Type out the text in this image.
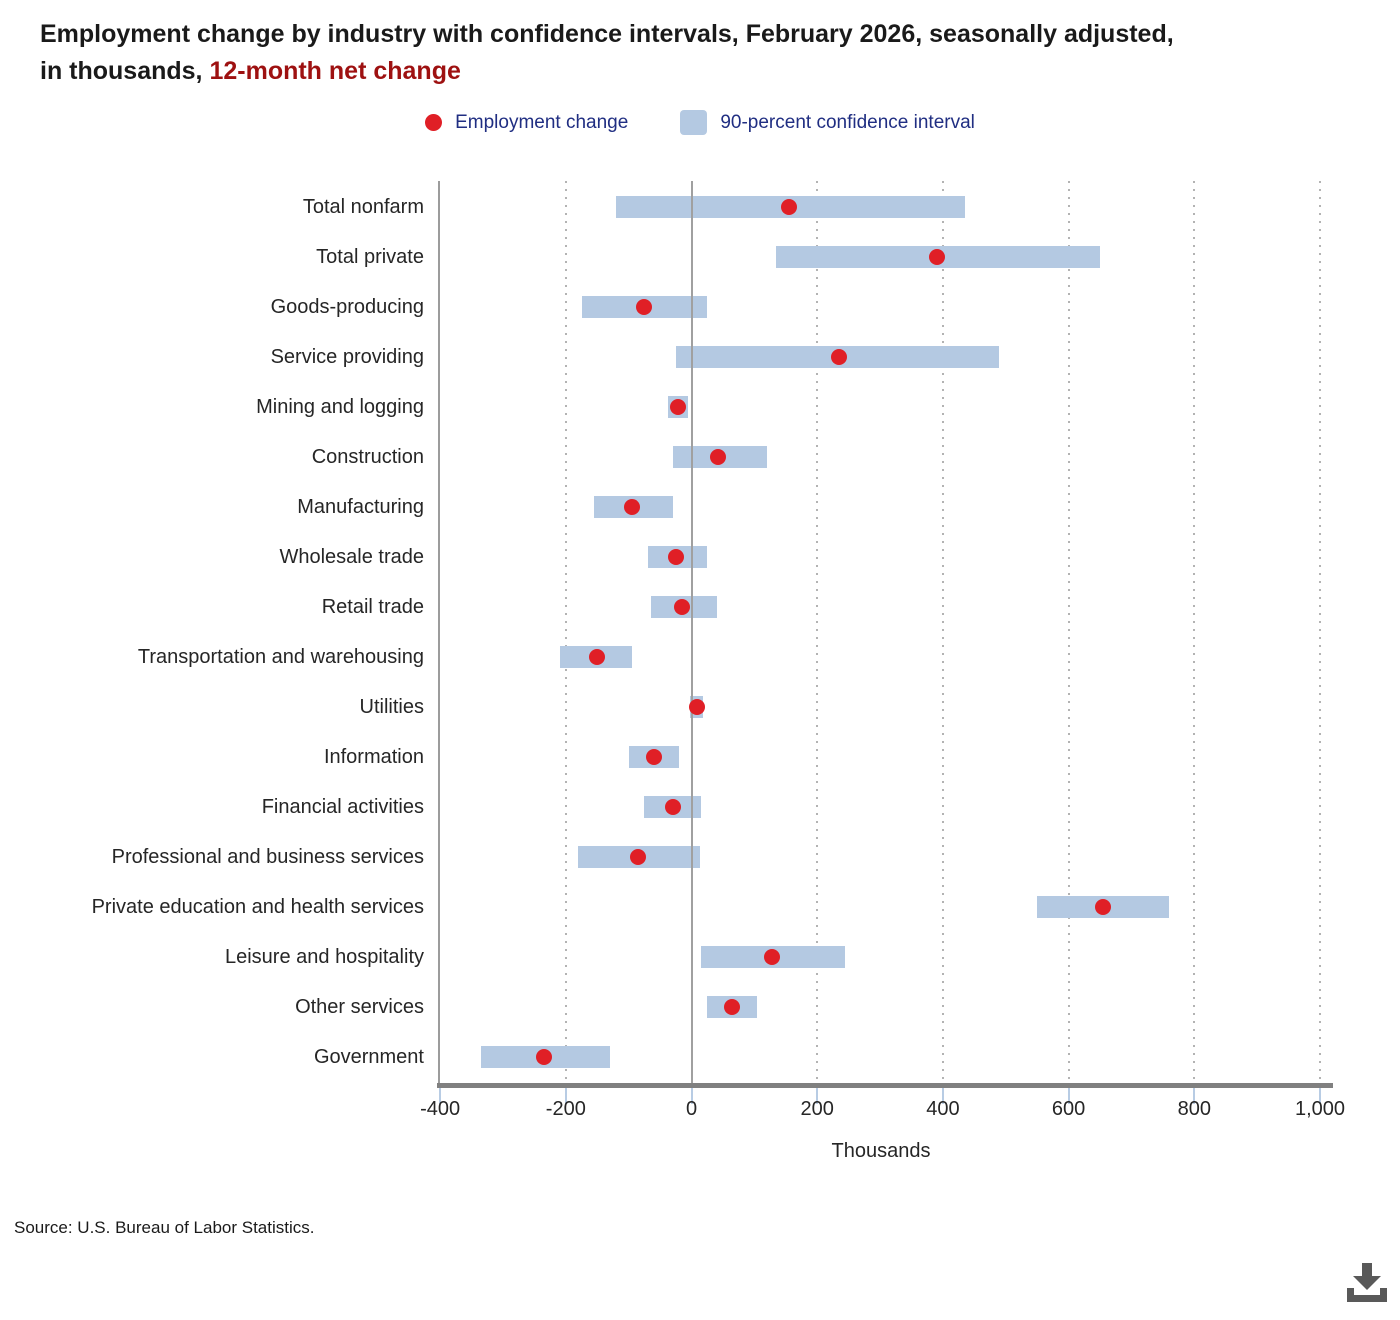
Employment change by industry with confidence intervals, February 2026, seasonally adjusted,
in thousands, 12-month net change
Employment change	90-percent confidence interval
Total nonfarm
Total private
Goods-producing
Service providing
Mining and logging
Construction
Manufacturing
Wholesale trade
Retail trade
Transportation and warehousing
Utilities
Information
Financial activities
Professional and business services
Private education and health services
Leisure and hospitality
Other services
Government
-400	-200	0	200	400	600	800	1,000
Thousands
Source: U.S. Bureau of Labor Statistics.
